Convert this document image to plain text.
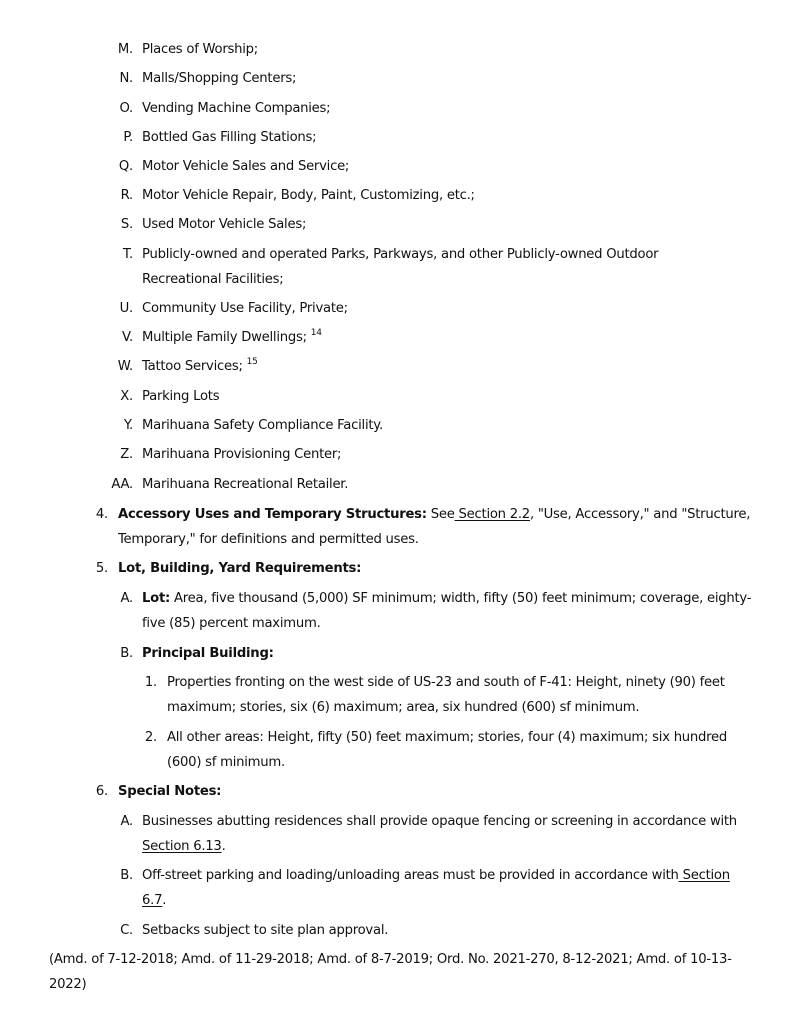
M. Places of Worship;
N. Malls/Shopping Centers;
O. Vending Machine Companies;
P. Bottled Gas Filling Stations;
Q. Motor Vehicle Sales and Service;
R. Motor Vehicle Repair, Body, Paint, Customizing, etc.;
S. Used Motor Vehicle Sales;
T. Publicly-owned and operated Parks, Parkways, and other Publicly-owned Outdoor
Recreational Facilities;
U. Community Use Facility, Private;
V. Multiple Family Dwellings; $^{14}$
W. Tattoo Services; $^{15}$
X. Parking Lots
Y. Marihuana Safety Compliance Facility.
Z. Marihuana Provisioning Center;
AA. Marihuana Recreational Retailer.
4. Accessory Uses and Temporary Structures: See Section 2.2, "Use, Accessory," and "Structure,
Temporary," for definitions and permitted uses.
5. Lot, Building, Yard Requirements:
A. Lot: Area, five thousand (5,000) SF minimum; width, fifty (50) feet minimum; coverage, eighty-
five (85) percent maximum.
B. Principal Building:
1. Properties fronting on the west side of US-23 and south of F-41: Height, ninety (90) feet
maximum; stories, six (6) maximum; area, six hundred (600) sf minimum.
2. All other areas: Height, fifty (50) feet maximum; stories, four (4) maximum; six hundred
(600) sf minimum.
6. Special Notes:
A. Businesses abutting residences shall provide opaque fencing or screening in accordance with
Section 6.13.
B. Off-street parking and loading/unloading areas must be provided in accordance with Section
6.7.
C. Setbacks subject to site plan approval.
(Amd. of 7-12-2018; Amd. of 11-29-2018; Amd. of 8-7-2019; Ord. No. 2021-270, 8-12-2021; Amd. of 10-13-
2022)
